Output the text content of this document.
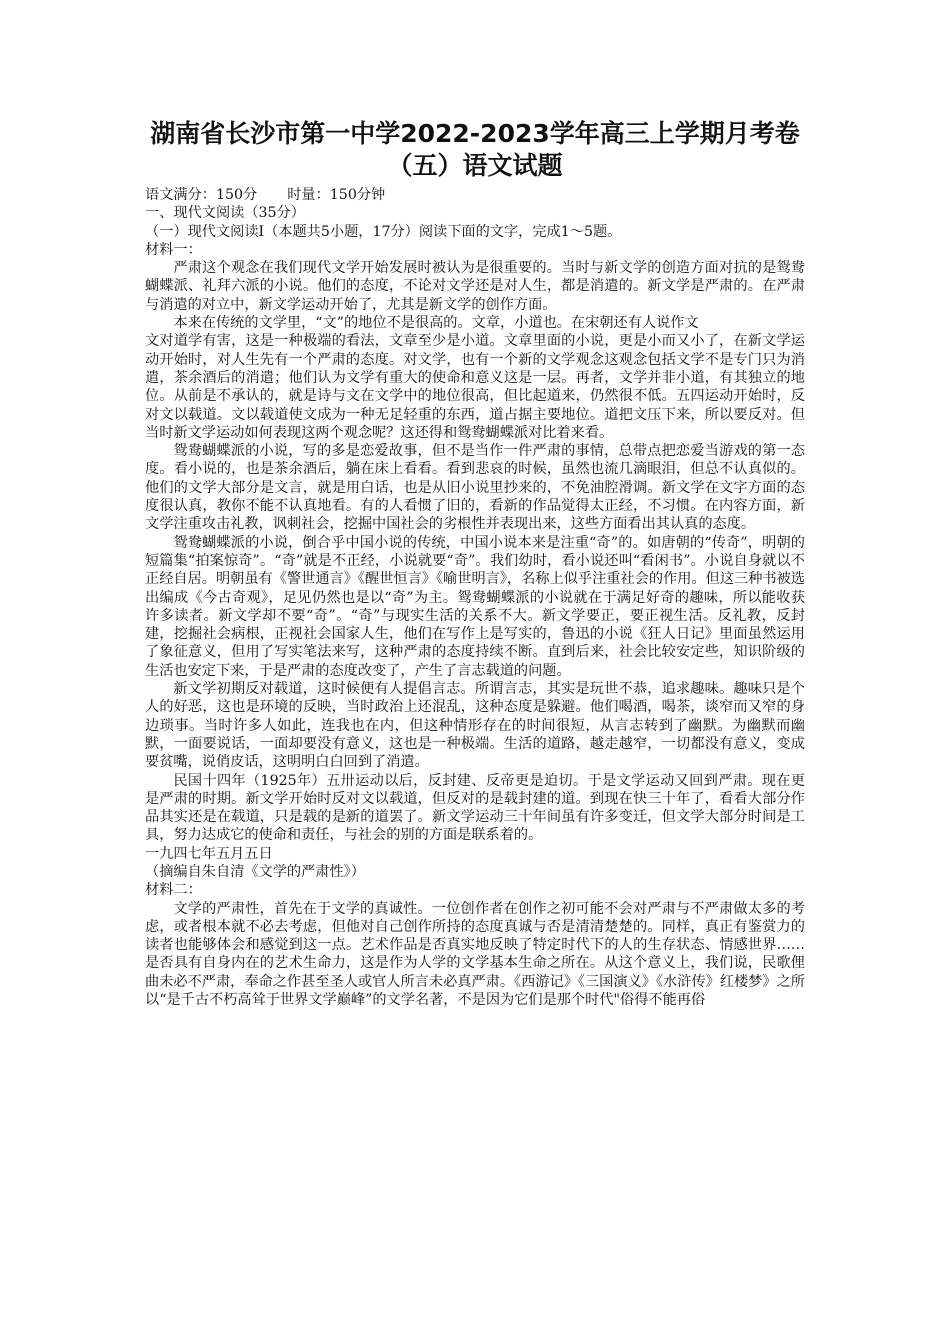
湖南省长沙市第一中学2022-2023学年高三上学期月考卷
（五）语文试题

语文满分：150分 时量：150分钟

一、现代文阅读（35分）

（一）现代文阅读Ⅰ（本题共5小题，17分）阅读下面的文字，完成1～5题。

材料一：

严肃这个观念在我们现代文学开始发展时被认为是很重要的。当时与新文学的创造方面对抗的是鸳鸯蝴蝶派、礼拜六派的小说。他们的态度，不论对文学还是对人生，都是消遣的。新文学是严肃的。在严肃与消遣的对立中，新文学运动开始了，尤其是新文学的创作方面。

本来在传统的文学里，“文”的地位不是很高的。文章，小道也。在宋朝还有人说作文

文对道学有害，这是一种极端的看法，文章至少是小道。文章里面的小说，更是小而又小了，在新文学运动开始时，对人生先有一个严肃的态度。对文学，也有一个新的文学观念这观念包括文学不是专门只为消遣，茶余酒后的消遣；他们认为文学有重大的使命和意义这是一层。再者，文学并非小道，有其独立的地位。从前是不承认的，就是诗与文在文学中的地位很高，但比起道来，仍然很不低。五四运动开始时，反对文以载道。文以载道使文成为一种无足轻重的东西，道占据主要地位。道把文压下来，所以要反对。但当时新文学运动如何表现这两个观念呢？这还得和鸳鸯蝴蝶派对比着来看。

鸳鸯蝴蝶派的小说，写的多是恋爱故事，但不是当作一件严肃的事情，总带点把恋爱当游戏的第一态度。看小说的，也是茶余酒后，躺在床上看看。看到悲哀的时候，虽然也流几滴眼泪，但总不认真似的。他们的文学大部分是文言，就是用白话，也是从旧小说里抄来的，不免油腔滑调。新文学在文字方面的态度很认真，教你不能不认真地看。有的人看惯了旧的，看新的作品觉得太正经，不习惯。在内容方面，新文学注重攻击礼教，讽刺社会，挖掘中国社会的劣根性并表现出来，这些方面看出其认真的态度。

鸳鸯蝴蝶派的小说，倒合乎中国小说的传统，中国小说本来是注重“奇”的。如唐朝的“传奇”，明朝的短篇集“拍案惊奇”。“奇”就是不正经，小说就要“奇”。我们幼时，看小说还叫“看闲书”。小说自身就以不正经自居。明朝虽有《警世通言》《醒世恒言》《喻世明言》，名称上似乎注重社会的作用。但这三种书被选出编成《今古奇观》，足见仍然也是以“奇”为主。鸳鸯蝴蝶派的小说就在于满足好奇的趣味，所以能收获许多读者。新文学却不要“奇”。“奇”与现实生活的关系不大。新文学要正，要正视生活。反礼教，反封建，挖掘社会病根，正视社会国家人生，他们在写作上是写实的，鲁迅的小说《狂人日记》里面虽然运用了象征意义，但用了写实笔法来写，这种严肃的态度持续不断。直到后来，社会比较安定些，知识阶级的生活也安定下来，于是严肃的态度改变了，产生了言志载道的问题。

新文学初期反对载道，这时候便有人提倡言志。所谓言志，其实是玩世不恭，追求趣味。趣味只是个人的好恶，这也是环境的反映，当时政治上还混乱，这种态度是躲避。他们喝酒，喝茶，谈窄而又窄的身边琐事。当时许多人如此，连我也在内，但这种情形存在的时间很短，从言志转到了幽默。为幽默而幽默，一面要说话，一面却要没有意义，这也是一种极端。生活的道路，越走越窄，一切都没有意义，变成要贫嘴，说俏皮话，这明明白白回到了消遣。

民国十四年（1925年）五卅运动以后，反封建、反帝更是迫切。于是文学运动又回到严肃。现在更是严肃的时期。新文学开始时反对文以载道，但反对的是载封建的道。到现在快三十年了，看看大部分作品其实还是在载道，只是载的是新的道罢了。新文学运动三十年间虽有许多变迁，但文学大部分时间是工具，努力达成它的使命和责任，与社会的别的方面是联系着的。

一九四七年五月五日

（摘编自朱自清《文学的严肃性》）

材料二：

文学的严肃性，首先在于文学的真诚性。一位创作者在创作之初可能不会对严肃与不严肃做太多的考虑，或者根本就不必去考虑，但他对自己创作所持的态度真诚与否是清清楚楚的。同样，真正有鉴赏力的读者也能够体会和感觉到这一点。艺术作品是否真实地反映了特定时代下的人的生存状态、情感世界……是否具有自身内在的艺术生命力，这是作为人学的文学基本生命之所在。从这个意义上，我们说，民歌俚曲未必不严肃，奉命之作甚至圣人或官人所言未必真严肃。《西游记》《三国演义》《水浒传》红楼梦》之所以“是千古不朽高耸于世界文学巅峰”的文学名著，不是因为它们是那个时代"俗得不能再俗
